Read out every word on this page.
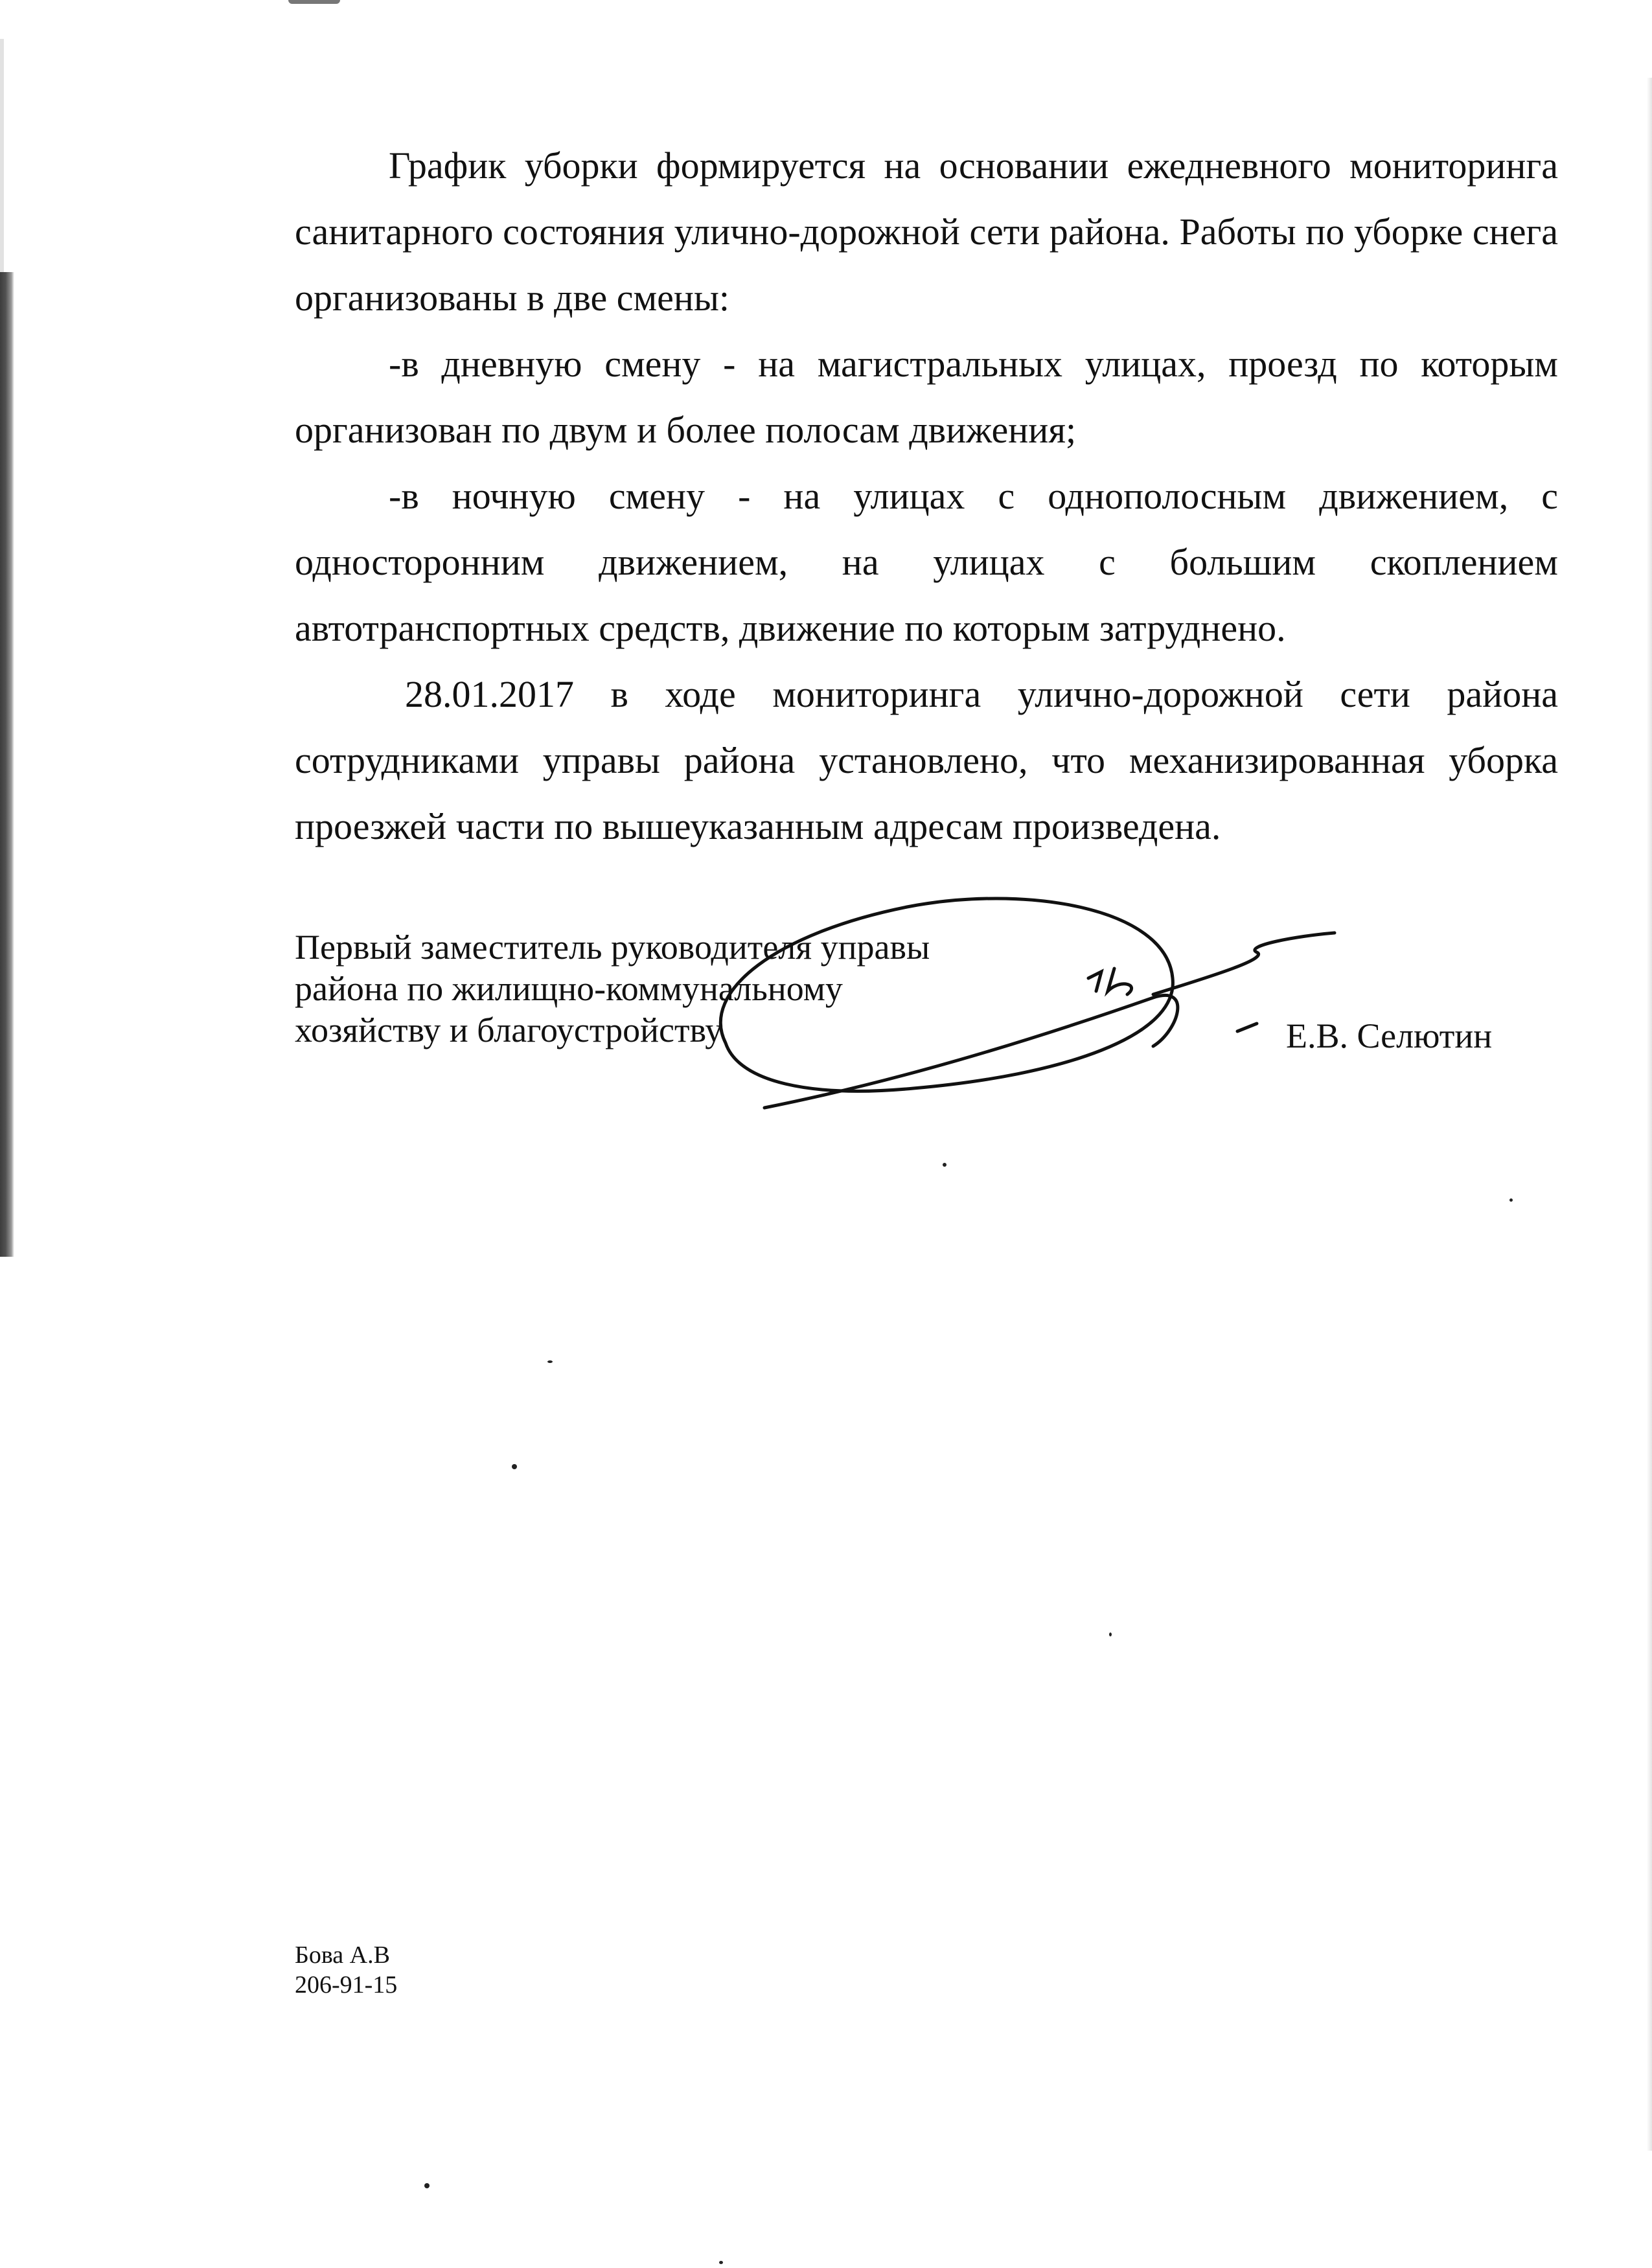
График уборки формируется на основании ежедневного мониторинга санитарного состояния улично-дорожной сети района. Работы по уборке снега организованы в две смены:

-в дневную смену - на магистральных улицах, проезд по которым организован по двум и более полосам движения;

-в ночную смену - на улицах с однополосным движением, с односторонним движением, на улицах с большим скоплением автотранспортных средств, движение по которым затруднено.

28.01.2017 в ходе мониторинга улично-дорожной сети района сотрудниками управы района установлено, что механизированная уборка проезжей части по вышеуказанным адресам произведена.

Первый заместитель руководителя управы
района по жилищно-коммунальному
хозяйству и благоустройству	Е.В. Селютин
Бова А.В
206-91-15
